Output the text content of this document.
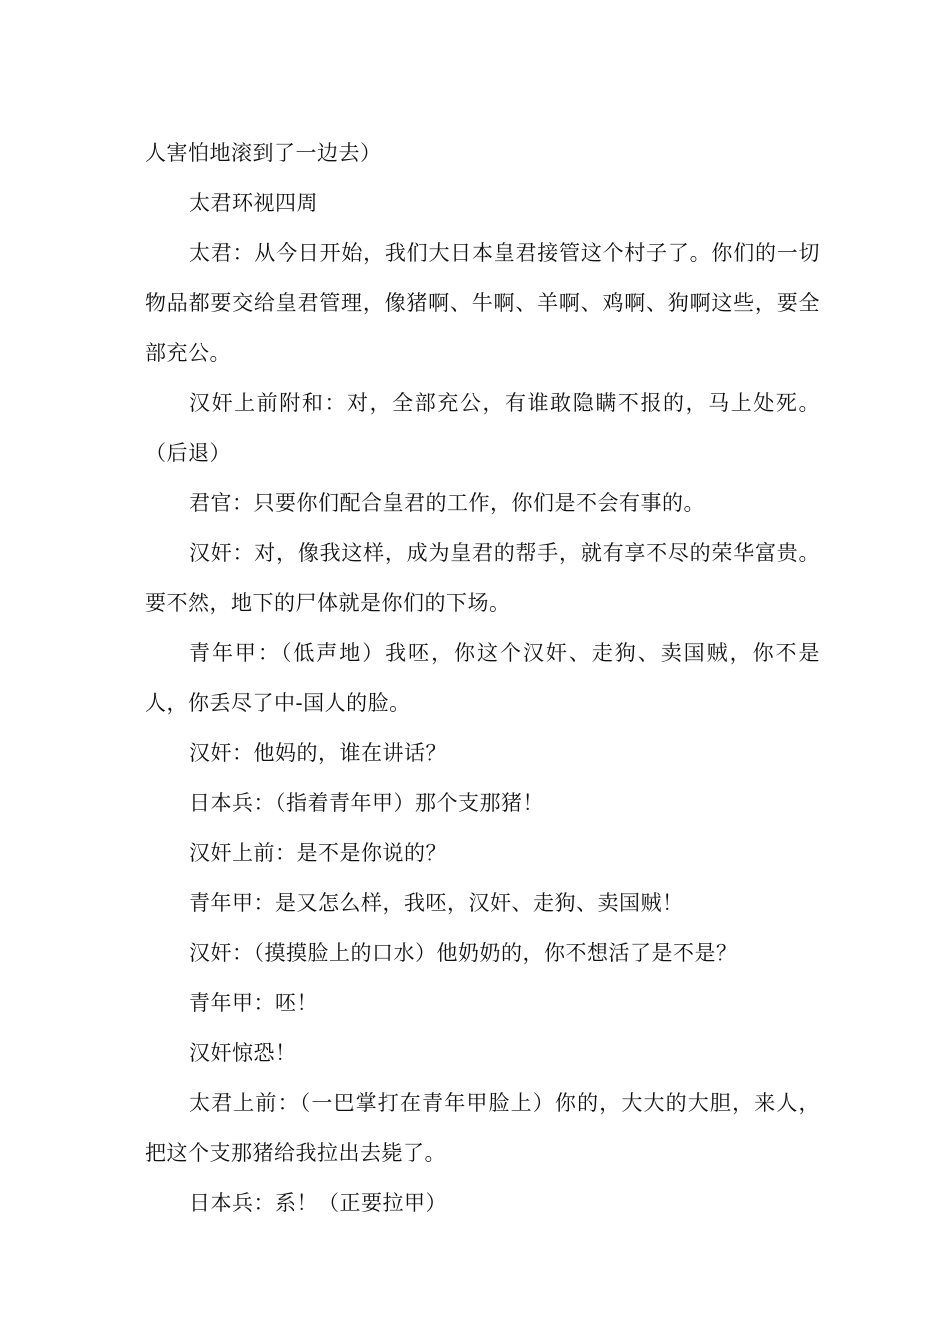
人害怕地滚到了一边去）

太君环视四周

太君：从今日开始，我们大日本皇君接管这个村子了。你们的一切物品都要交给皇君管理，像猪啊、牛啊、羊啊、鸡啊、狗啊这些，要全部充公。

汉奸上前附和：对，全部充公，有谁敢隐瞒不报的，马上处死。（后退）

君官：只要你们配合皇君的工作，你们是不会有事的。

汉奸：对，像我这样，成为皇君的帮手，就有享不尽的荣华富贵。要不然，地下的尸体就是你们的下场。

青年甲：（低声地）我呸，你这个汉奸、走狗、卖国贼，你不是人，你丢尽了中-国人的脸。

汉奸：他妈的，谁在讲话？

日本兵：（指着青年甲）那个支那猪！

汉奸上前：是不是你说的？

青年甲：是又怎么样，我呸，汉奸、走狗、卖国贼！

汉奸：（摸摸脸上的口水）他奶奶的，你不想活了是不是？

青年甲：呸！

汉奸惊恐！

太君上前：（一巴掌打在青年甲脸上）你的，大大的大胆，来人，把这个支那猪给我拉出去毙了。

日本兵：系！（正要拉甲）
